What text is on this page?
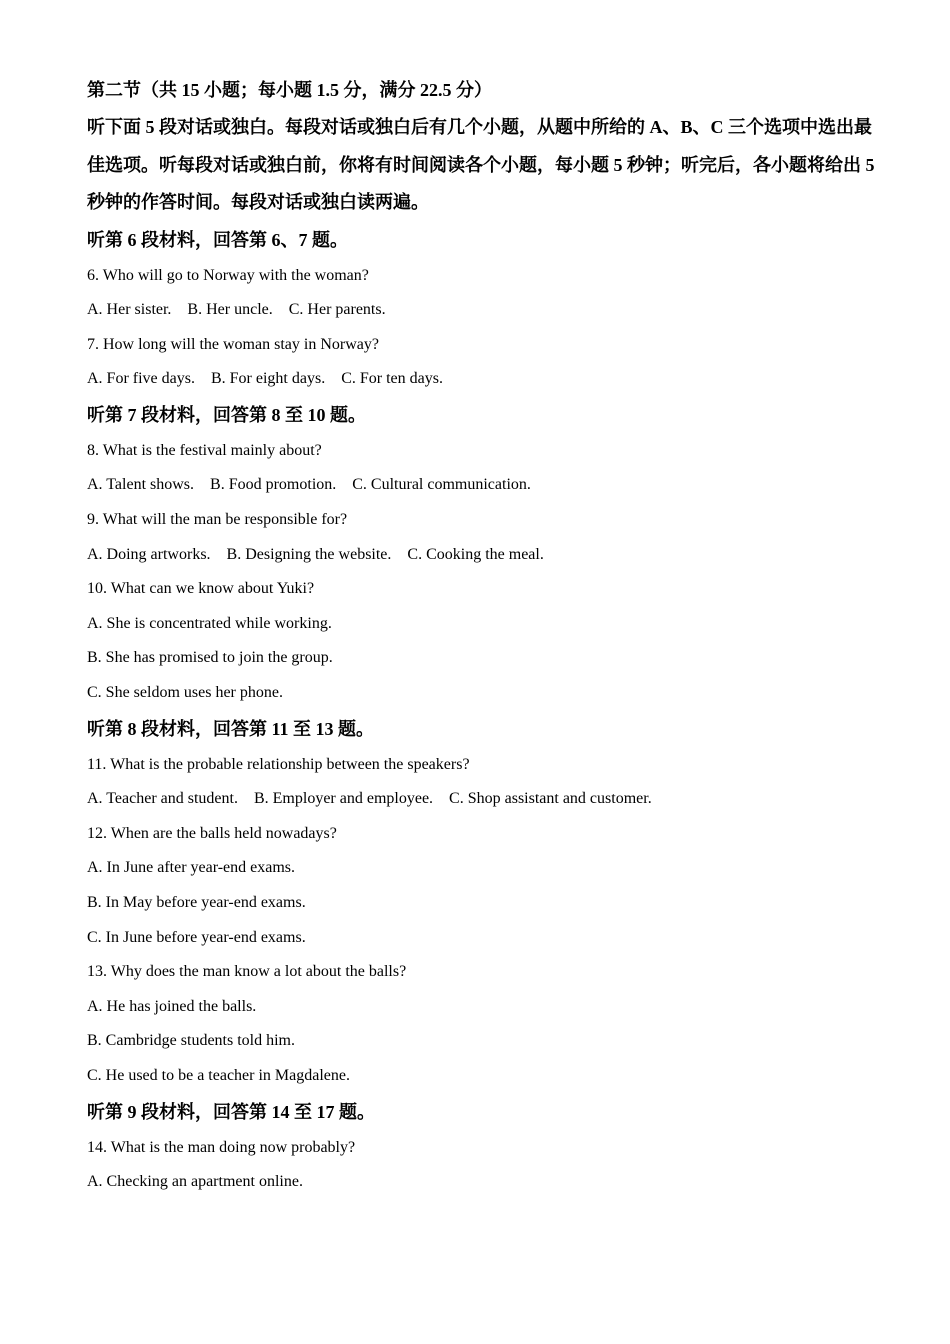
第二节（共 15 小题；每小题 1.5 分，满分 22.5 分）

听下面 5 段对话或独白。每段对话或独白后有几个小题，从题中所给的 A、B、C 三个选项中选出最佳选项。听每段对话或独白前，你将有时间阅读各个小题，每小题 5 秒钟；听完后，各小题将给出 5 秒钟的作答时间。每段对话或独白读两遍。

听第 6 段材料，回答第 6、7 题。

6. Who will go to Norway with the woman?

A. Her sister.    B. Her uncle.    C. Her parents.

7. How long will the woman stay in Norway?

A. For five days.    B. For eight days.    C. For ten days.

听第 7 段材料，回答第 8 至 10 题。

8. What is the festival mainly about?

A. Talent shows.    B. Food promotion.    C. Cultural communication.

9. What will the man be responsible for?

A. Doing artworks.    B. Designing the website.    C. Cooking the meal.

10. What can we know about Yuki?

A. She is concentrated while working.

B. She has promised to join the group.

C. She seldom uses her phone.

听第 8 段材料，回答第 11 至 13 题。

11. What is the probable relationship between the speakers?

A. Teacher and student.    B. Employer and employee.    C. Shop assistant and customer.

12. When are the balls held nowadays?

A. In June after year-end exams.

B. In May before year-end exams.

C. In June before year-end exams.

13. Why does the man know a lot about the balls?

A. He has joined the balls.

B. Cambridge students told him.

C. He used to be a teacher in Magdalene.

听第 9 段材料，回答第 14 至 17 题。

14. What is the man doing now probably?

A. Checking an apartment online.
